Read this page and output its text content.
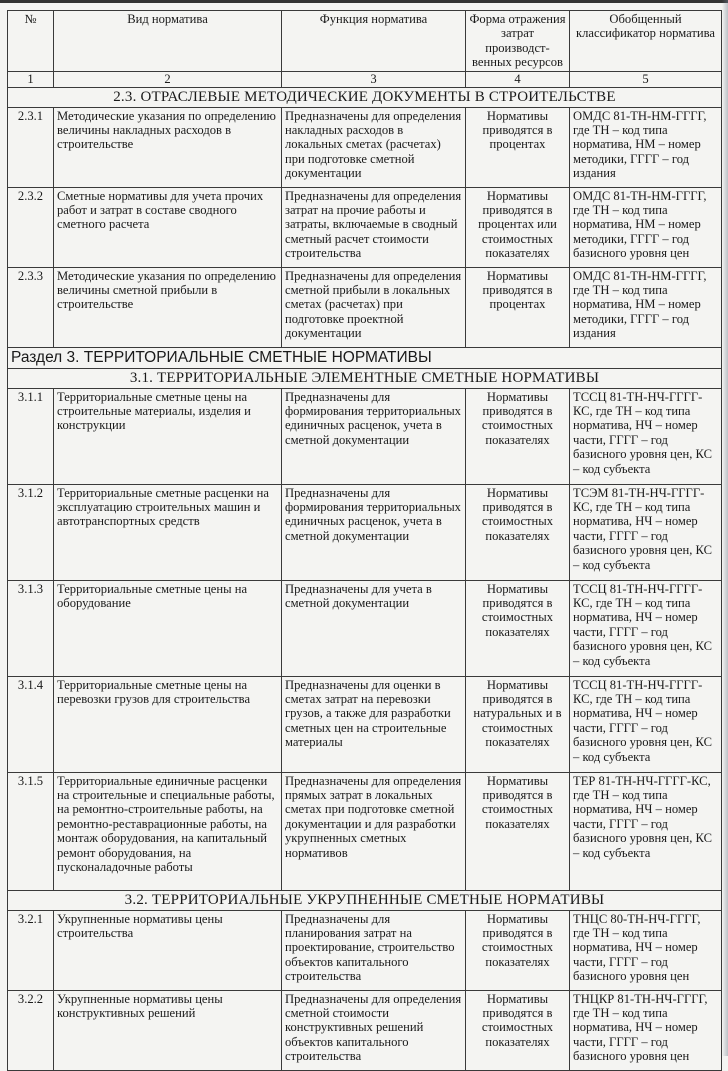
№	Вид норматива	Функция норматива	Форма отражения затрат производст-венных ресурсов	Обобщенный классификатор норматива
1	2	3	4	5
2.3. ОТРАСЛЕВЫЕ МЕТОДИЧЕСКИЕ ДОКУМЕНТЫ В СТРОИТЕЛЬСТВЕ				
2.3.1	Методические указания по определению величины накладных расходов в строительстве	Предназначены для определения накладных расходов в локальных сметах (расчетах) при подготовке сметной документации	Нормативы приводятся в процентах	ОМДС 81-ТН-НМ-ГГГГ, где ТН – код типа норматива, НМ – номер методики, ГГГГ – год издания
2.3.2	Сметные нормативы для учета прочих работ и затрат в составе сводного сметного расчета	Предназначены для определения затрат на прочие работы и затраты, включаемые в сводный сметный расчет стоимости строительства	Нормативы приводятся в процентах или стоимостных показателях	ОМДС 81-ТН-НМ-ГГГГ, где ТН – код типа норматива, НМ – номер методики, ГГГГ – год базисного уровня цен
2.3.3	Методические указания по определению величины сметной прибыли в строительстве	Предназначены для определения сметной прибыли в локальных сметах (расчетах) при подготовке проектной документации	Нормативы приводятся в процентах	ОМДС 81-ТН-НМ-ГГГГ, где ТН – код типа норматива, НМ – номер методики, ГГГГ – год издания
Раздел 3. ТЕРРИТОРИАЛЬНЫЕ СМЕТНЫЕ НОРМАТИВЫ				
3.1. ТЕРРИТОРИАЛЬНЫЕ ЭЛЕМЕНТНЫЕ СМЕТНЫЕ НОРМАТИВЫ				
3.1.1	Территориальные сметные цены на строительные материалы, изделия и конструкции	Предназначены для формирования территориальных единичных расценок, учета в сметной документации	Нормативы приводятся в стоимостных показателях	ТССЦ 81-ТН-НЧ-ГГГГ-КС, где ТН – код типа норматива, НЧ – номер части, ГГГГ – год базисного уровня цен, КС – код субъекта
3.1.2	Территориальные сметные расценки на эксплуатацию строительных машин и автотранспортных средств	Предназначены для формирования территориальных единичных расценок, учета в сметной документации	Нормативы приводятся в стоимостных показателях	ТСЭМ 81-ТН-НЧ-ГГГГ-КС, где ТН – код типа норматива, НЧ – номер части, ГГГГ – год базисного уровня цен, КС – код субъекта
3.1.3	Территориальные сметные цены на оборудование	Предназначены для учета в сметной документации	Нормативы приводятся в стоимостных показателях	ТССЦ 81-ТН-НЧ-ГГГГ-КС, где ТН – код типа норматива, НЧ – номер части, ГГГГ – год базисного уровня цен, КС – код субъекта
3.1.4	Территориальные сметные цены на перевозки грузов для строительства	Предназначены для оценки в сметах затрат на перевозки грузов, а также для разработки сметных цен на строительные материалы	Нормативы приводятся в натуральных и в стоимостных показателях	ТССЦ 81-ТН-НЧ-ГГГГ-КС, где ТН – код типа норматива, НЧ – номер части, ГГГГ – год базисного уровня цен, КС – код субъекта
3.1.5	Территориальные единичные расценки на строительные и специальные работы, на ремонтно-строительные работы, на ремонтно-реставрационные работы, на монтаж оборудования, на капитальный ремонт оборудования, на пусконаладочные работы	Предназначены для определения прямых затрат в локальных сметах при подготовке сметной документации и для разработки укрупненных сметных нормативов	Нормативы приводятся в стоимостных показателях	ТЕР 81-ТН-НЧ-ГГГГ-КС, где ТН – код типа норматива, НЧ – номер части, ГГГГ – год базисного уровня цен, КС – код субъекта
3.2. ТЕРРИТОРИАЛЬНЫЕ УКРУПНЕННЫЕ СМЕТНЫЕ НОРМАТИВЫ				
3.2.1	Укрупненные нормативы цены строительства	Предназначены для планирования затрат на проектирование, строительство объектов капитального строительства	Нормативы приводятся в стоимостных показателях	ТНЦС 80-ТН-НЧ-ГГГГ, где ТН – код типа норматива, НЧ – номер части, ГГГГ – год базисного уровня цен
3.2.2	Укрупненные нормативы цены конструктивных решений	Предназначены для определения сметной стоимости конструктивных решений объектов капитального строительства	Нормативы приводятся в стоимостных показателях	ТНЦКР 81-ТН-НЧ-ГГГГ, где ТН – код типа норматива, НЧ – номер части, ГГГГ – год базисного уровня цен
